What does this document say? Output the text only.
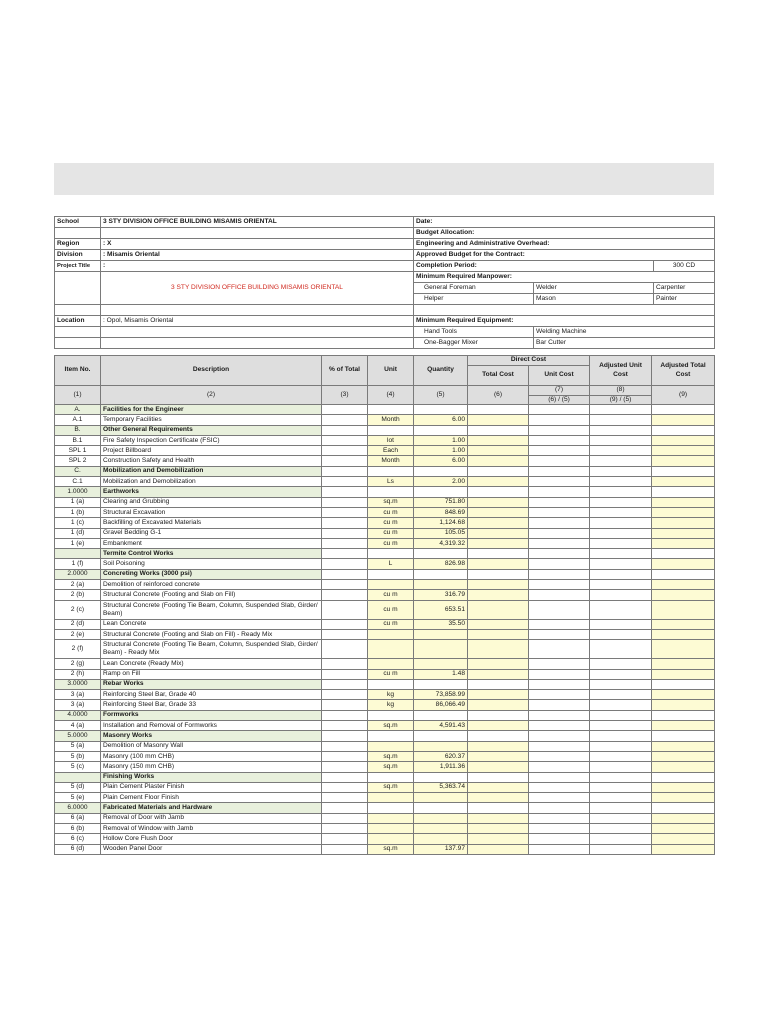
School	3 STY DIVISION OFFICE BUILDING MISAMIS ORIENTAL	Date:		
		Budget Allocation:		
Region	: X	Engineering and Administrative Overhead:		
Division	: Misamis Oriental	Approved Budget for the Contract:		
Project Title	:	Completion Period:		300 CD
	3 STY DIVISION OFFICE BUILDING MISAMIS ORIENTAL	Minimum Required Manpower:		
		General Foreman	Welder	Carpenter
		Helper	Mason	Painter

Location	: Opol, Misamis Oriental	Minimum Required Equipment:		
		Hand Tools	Welding Machine	
		One-Bagger Mixer	Bar Cutter	

Item No.	Description	% of Total	Unit	Quantity	Direct Cost		Adjusted Unit Cost	Adjusted Total Cost
					Total Cost	Unit Cost		

(1)	(2)	(3)	(4)	(5)	(6)	(7)	(8)	(9)
						(6) / (5)	(9) / (5)	
A.	Facilities for the Engineer							
A.1	Temporary Facilities		Month	6.00				
B.	Other General Requirements							
B.1	Fire Safety Inspection Certificate (FSIC)		lot	1.00				
SPL 1	Project Billboard		Each	1.00				
SPL 2	Construction Safety and Health		Month	6.00				
C.	Mobilization and Demobilization							
C.1	Mobilization and Demobilization		Ls	2.00				
1.0000	Earthworks							
1 (a)	Clearing and Grubbing		sq.m	751.80				
1 (b)	Structural Excavation		cu m	848.69				
1 (c)	Backfilling of Excavated Materials		cu m	1,124.68				
1 (d)	Gravel Bedding G-1		cu m	105.05				
1 (e)	Embankment		cu m	4,319.32				
	Termite Control Works							
1 (f)	Soil Poisoning		L	826.98				
2.0000	Concreting Works (3000 psi)							
2 (a)	Demolition of reinforced concrete							
2 (b)	Structural Concrete (Footing and Slab on Fill)		cu m	316.79				
2 (c)	Structural Concrete (Footing Tie Beam, Column, Suspended Slab, Girder/ Beam)		cu m	653.51				
2 (d)	Lean Concrete		cu m	35.50				
2 (e)	Structural Concrete (Footing and Slab on Fill) - Ready Mix							
2 (f)	Structural Concrete (Footing Tie Beam, Column, Suspended Slab, Girder/ Beam) - Ready Mix							
2 (g)	Lean Concrete (Ready Mix)							
2 (h)	Ramp on Fill		cu m	1.48				
3.0000	Rebar Works							
3 (a)	Reinforcing Steel Bar, Grade 40		kg	73,858.99				
3 (a)	Reinforcing Steel Bar, Grade 33		kg	86,066.49				
4.0000	Formworks							
4 (a)	Installation and Removal of Formworks		sq.m	4,591.43				
5.0000	Masonry Works							
5 (a)	Demolition of Masonry Wall							
5 (b)	Masonry (100 mm CHB)		sq.m	620.37				
5 (c)	Masonry (150 mm CHB)		sq.m	1,911.36				
	Finishing Works							
5 (d)	Plain Cement Plaster Finish		sq.m	5,363.74				
5 (e)	Plain Cement Floor Finish							
6.0000	Fabricated Materials and Hardware							
6 (a)	Removal of Door with Jamb							
6 (b)	Removal of Window with Jamb							
6 (c)	Hollow Core Flush Door							
6 (d)	Wooden Panel Door		sq.m	137.97				
